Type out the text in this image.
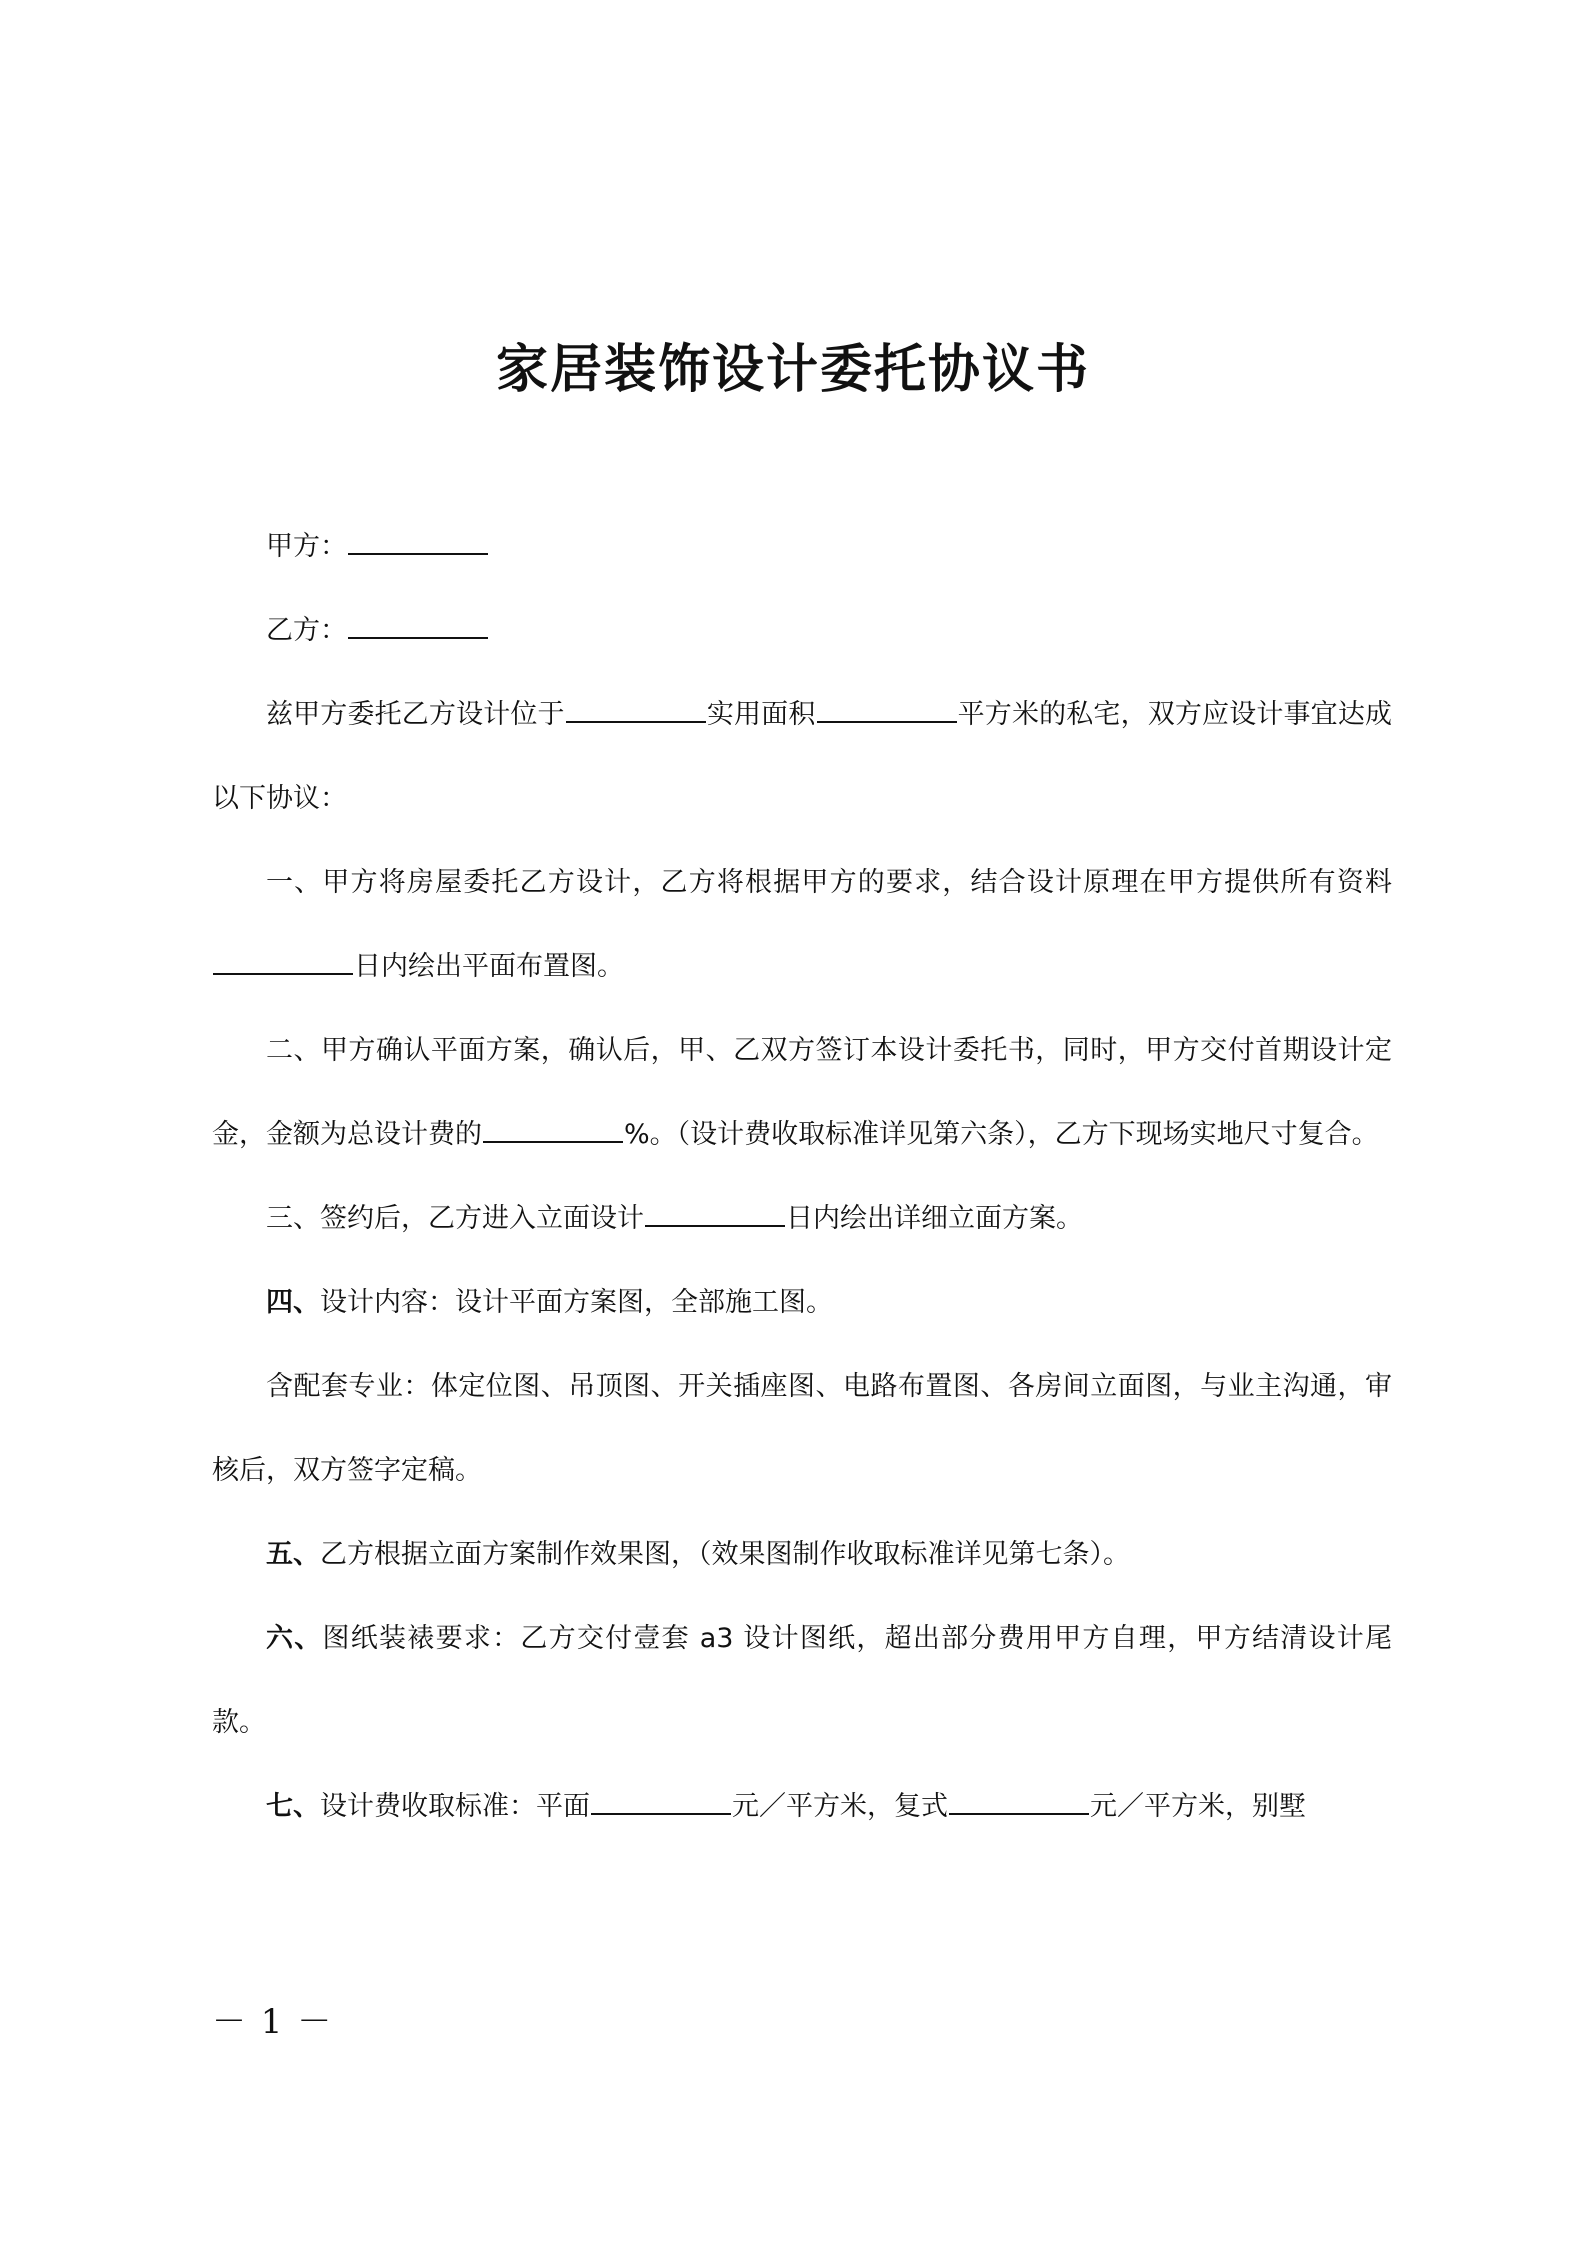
家居装饰设计委托协议书

甲方：

乙方：

兹甲方委托乙方设计位于	实用面积	平方米的私宅，双方应设计事宜达成以下协议：

一、甲方将房屋委托乙方设计，乙方将根据甲方的要求，结合设计原理在甲方提供所有资料日内绘出平面布置图。

二、甲方确认平面方案，确认后，甲、乙双方签订本设计委托书，同时，甲方交付首期设计定金，金额为总设计费的	%。（设计费收取标准详见第六条），乙方下现场实地尺寸复合。

三、签约后，乙方进入立面设计	日内绘出详细立面方案。

四、设计内容：设计平面方案图，全部施工图。

含配套专业：体定位图、吊顶图、开关插座图、电路布置图、各房间立面图，与业主沟通，审核后，双方签字定稿。

五、乙方根据立面方案制作效果图，（效果图制作收取标准详见第七条）。

六、图纸装裱要求：乙方交付壹套 a3 设计图纸，超出部分费用甲方自理，甲方结清设计尾款。

七、设计费收取标准：平面	元／平方米，复式	元／平方米，别墅

－ 1 －
